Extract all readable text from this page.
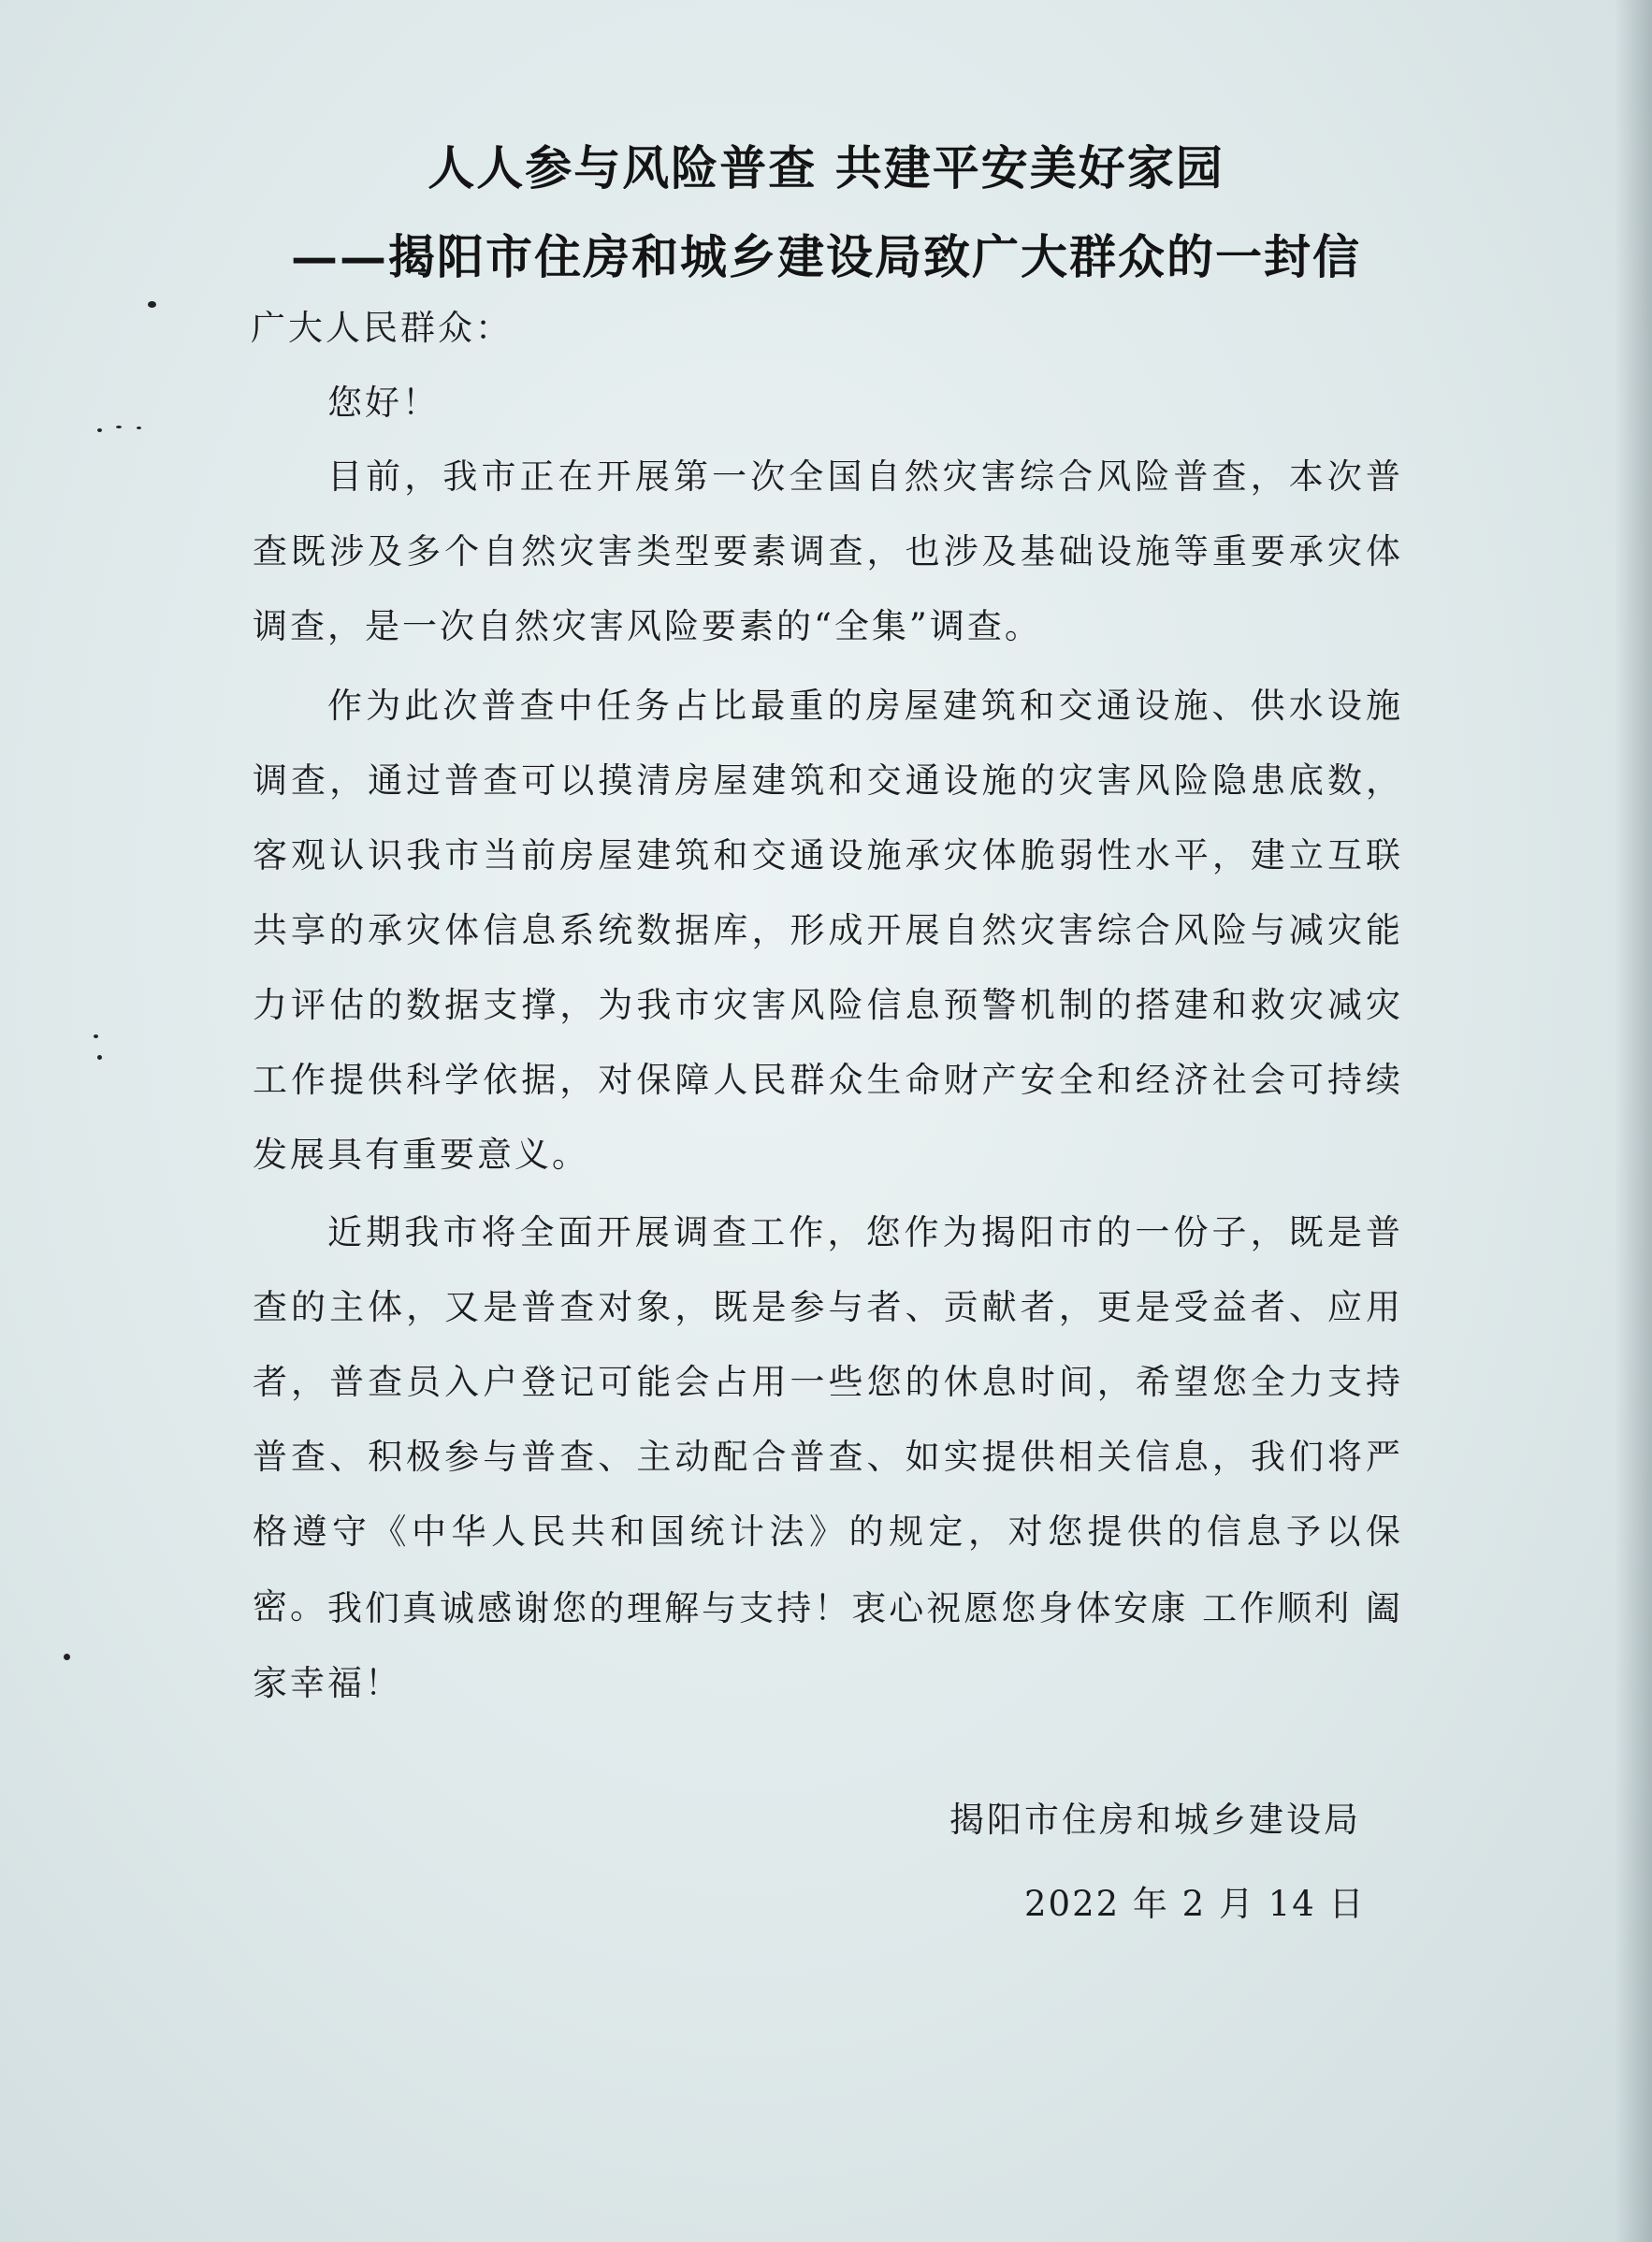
人人参与风险普查 共建平安美好家园
——揭阳市住房和城乡建设局致广大群众的一封信

广大人民群众：

您好！

目前，我市正在开展第一次全国自然灾害综合风险普查，本次普查既涉及多个自然灾害类型要素调查，也涉及基础设施等重要承灾体调查，是一次自然灾害风险要素的“全集”调查。

作为此次普查中任务占比最重的房屋建筑和交通设施、供水设施调查，通过普查可以摸清房屋建筑和交通设施的灾害风险隐患底数，客观认识我市当前房屋建筑和交通设施承灾体脆弱性水平，建立互联共享的承灾体信息系统数据库，形成开展自然灾害综合风险与减灾能力评估的数据支撑，为我市灾害风险信息预警机制的搭建和救灾减灾工作提供科学依据，对保障人民群众生命财产安全和经济社会可持续发展具有重要意义。

近期我市将全面开展调查工作，您作为揭阳市的一份子，既是普查的主体，又是普查对象，既是参与者、贡献者，更是受益者、应用者，普查员入户登记可能会占用一些您的休息时间，希望您全力支持普查、积极参与普查、主动配合普查、如实提供相关信息，我们将严格遵守《中华人民共和国统计法》的规定，对您提供的信息予以保密。 我们真诚感谢您的理解与支持！衷心祝愿您身体安康 工作顺利 阖家幸福！

揭阳市住房和城乡建设局

2022 年 2 月 14 日
